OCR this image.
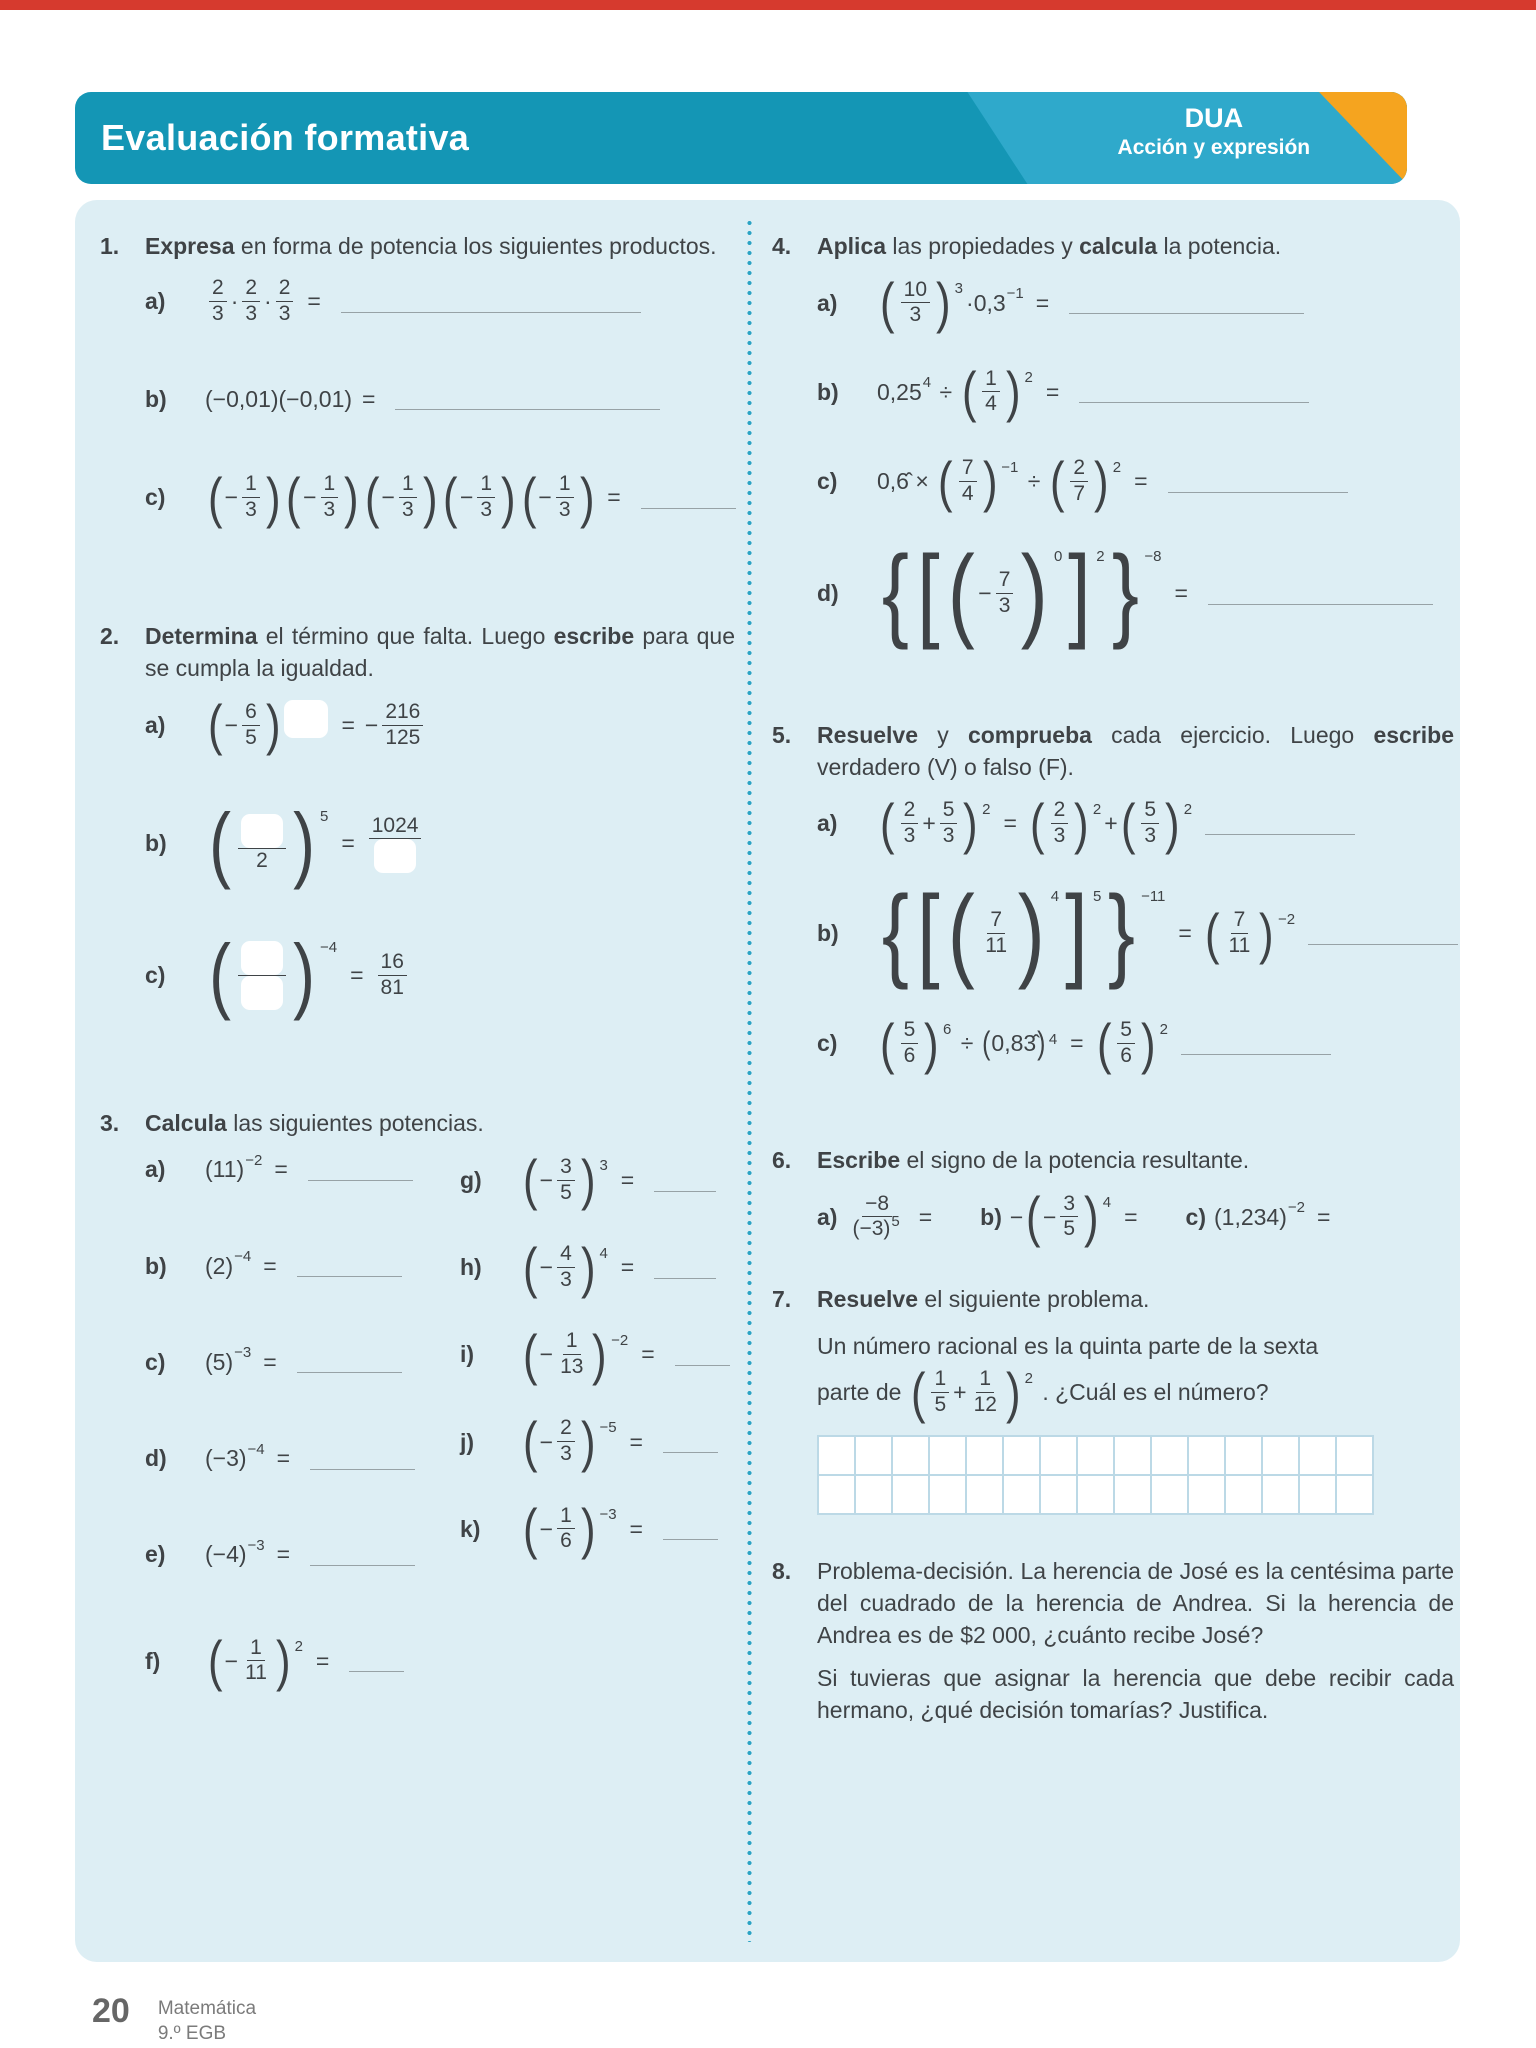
Evaluación formativa	DUA
Acción y expresión
1.	Expresa en forma de potencia los siguientes productos.
a)	$\frac{2}{3} \cdot \frac{2}{3} \cdot \frac{2}{3}$ =
b)	(−0,01)(−0,01) =
c) ( − $\frac{1}{3}$ ) ( − $\frac{1}{3}$ ) ( − $\frac{1}{3}$ ) ( − $\frac{1}{3}$ ) ( − $\frac{1}{3}$ ) =
2.	Determina el término que falta. Luego escribe para que se cumpla la igualdad.
a) ( − $\frac{6}{5}$ )	= − $\frac{216}{125}$
b) ( 2 ) 5
=
1024
c) ( ) −4
= $\frac{16}{81}$
3.	Calcula las siguientes potencias.
a)	(11) −2 =
b)	(2) −4 =
c)	(5) −3 =
d)	(−3) −4 =
e)	(−4) −3 =
f) ( − $\frac{1}{11}$ ) 2
=
g) ( − $\frac{3}{5}$ ) 3
=
h) ( − $\frac{4}{3}$ ) 4
=
i) ( − $\frac{1}{13}$ ) −2
=
j) ( − $\frac{2}{3}$ ) −5
=
k) ( − $\frac{1}{6}$ ) −3
=
4.	Aplica las propiedades y calcula la potencia.
a) ( $\frac{10}{3}$ ) 3
· 0,3 −1 =
b)	0,25 4 ÷ ( $\frac{1}{4}$ ) 2
=
c)	0,6̂ × ( $\frac{7}{4}$ ) −1
÷ ( $\frac{2}{7}$ ) 2
=
d) { [ ( − $\frac{7}{3}$ ) 0 ] 2 } −8
=
5.	Resuelve y comprueba cada ejercicio. Luego escribe verdadero (V) o falso (F).
a) ( $\frac{2}{3} + \frac{5}{3}$ ) 2
= ( $\frac{2}{3}$ ) 2
+ ( $\frac{5}{3}$ ) 2
b) { [ ( $\frac{7}{11}$ ) 4 ] 5 } −11
= ( $\frac{7}{11}$ ) −2
c) ( $\frac{5}{6}$ ) 6
÷ ( 0,83̂ ) 4 = ( $\frac{5}{6}$ ) 2
6.	Escribe el signo de la potencia resultante.
$a) \frac{-8}{(-3) 5} = b$) − ( − $\frac{3}{5}$ ) 4
= c) (1,234) −2 =
7.	Resuelve el siguiente problema.
Un número racional es la quinta parte de la sexta
parte de ( $\frac{1}{5} + \frac{1}{12}$ ) 2
. ¿Cuál es el número?
8.	Problema-decisión. La herencia de José es la centésima parte del cuadrado de la herencia de Andrea. Si la herencia de Andrea es de $2 000, ¿cuánto recibe José?
Si tuvieras que asignar la herencia que debe recibir cada hermano, ¿qué decisión tomarías? Justifica.
20 Matemática
9.º EGB
